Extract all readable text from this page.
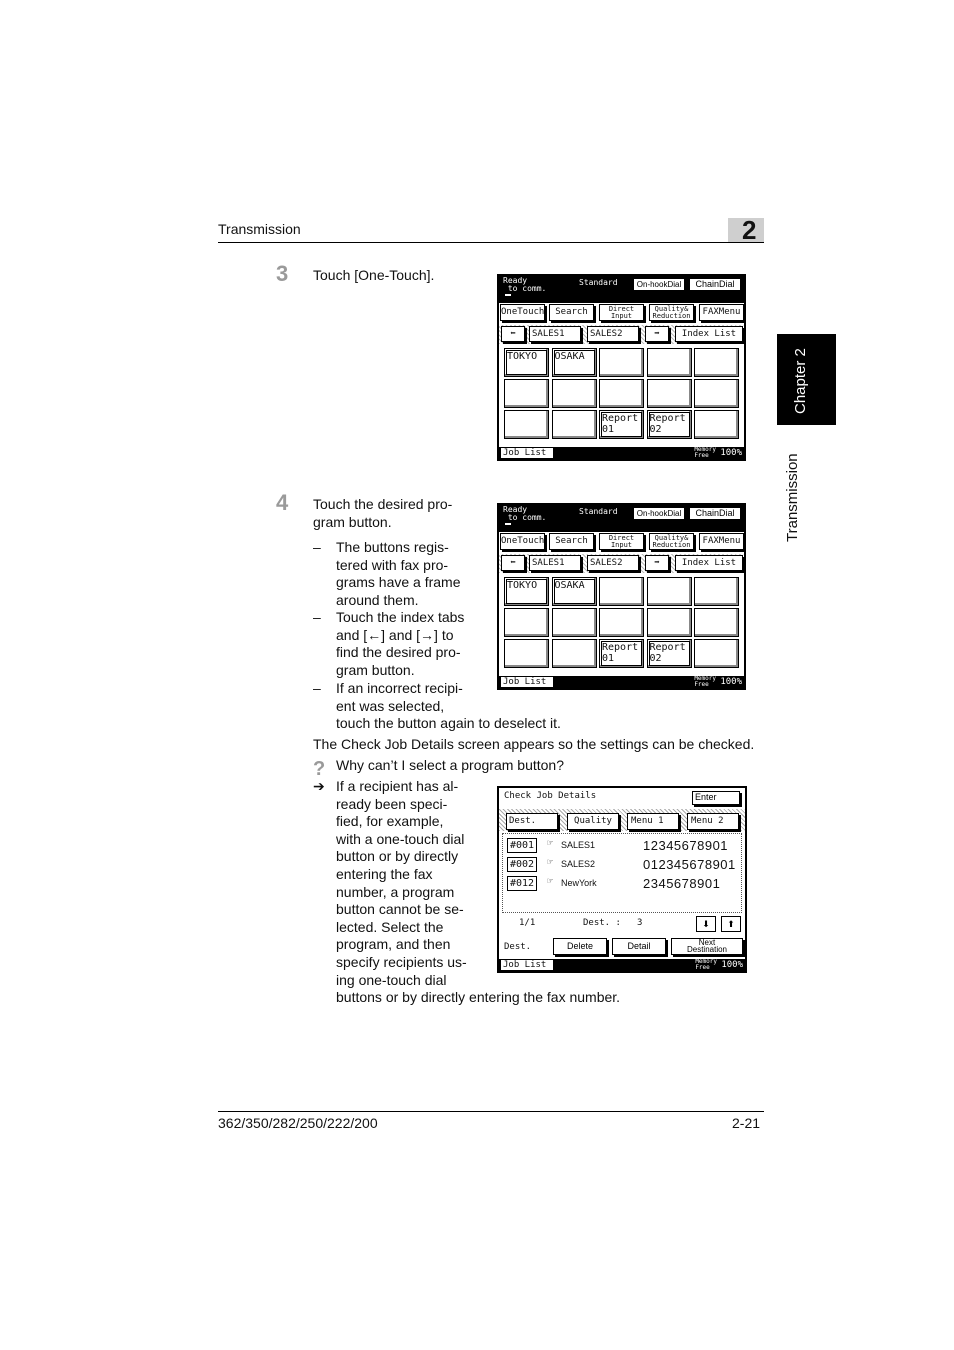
Transmission	2
Chapter 2
Transmission
3 Touch [One-Touch].
4 Touch the desired pro-
gram button.
– The buttons regis-
tered with fax pro-
grams have a frame
around them.
– Touch the index tabs
and [←] and [→] to
find the desired pro-
gram button.
– If an incorrect recipi-
ent was selected,
touch the button again to deselect it.
The Check Job Details screen appears so the settings can be checked.
? Why can’t I select a program button?
➔ If a recipient has al-
ready been speci-
fied, for example,
with a one-touch dial
button or by directly
entering the fax
number, a program
button cannot be se-
lected. Select the
program, and then
specify recipients us-
ing one-touch dial
buttons or by directly entering the fax number.
Ready
to comm.
Standard	On-hookDial	ChainDial
OneTouch	Search	Direct
Input
Quality&
Reduction	FAXMenu
⬅	SALES1	SALES2	➡	Index List
TOKYO	OSAKA
Report
01
Report
02
Job List	Memory
Free	100%
Ready
to comm.
Standard	On-hookDial	ChainDial
OneTouch	Search	Direct
Input
Quality&
Reduction	FAXMenu
⬅	SALES1	SALES2	➡	Index List
TOKYO	OSAKA
Report
01
Report
02
Job List	Memory
Free	100%
Check Job Details	Enter
Dest.	Quality	Menu 1	Menu 2
#001	☞ SALES1	12345678901
#002	☞ SALES2	012345678901
#012	☞ NewYork	2345678901
1/1	Dest. : 3	⬇	⬆
Dest.	Delete	Detail	Next
Destination
Job List	Memory
Free	100%
362/350/282/250/222/200	2-21
